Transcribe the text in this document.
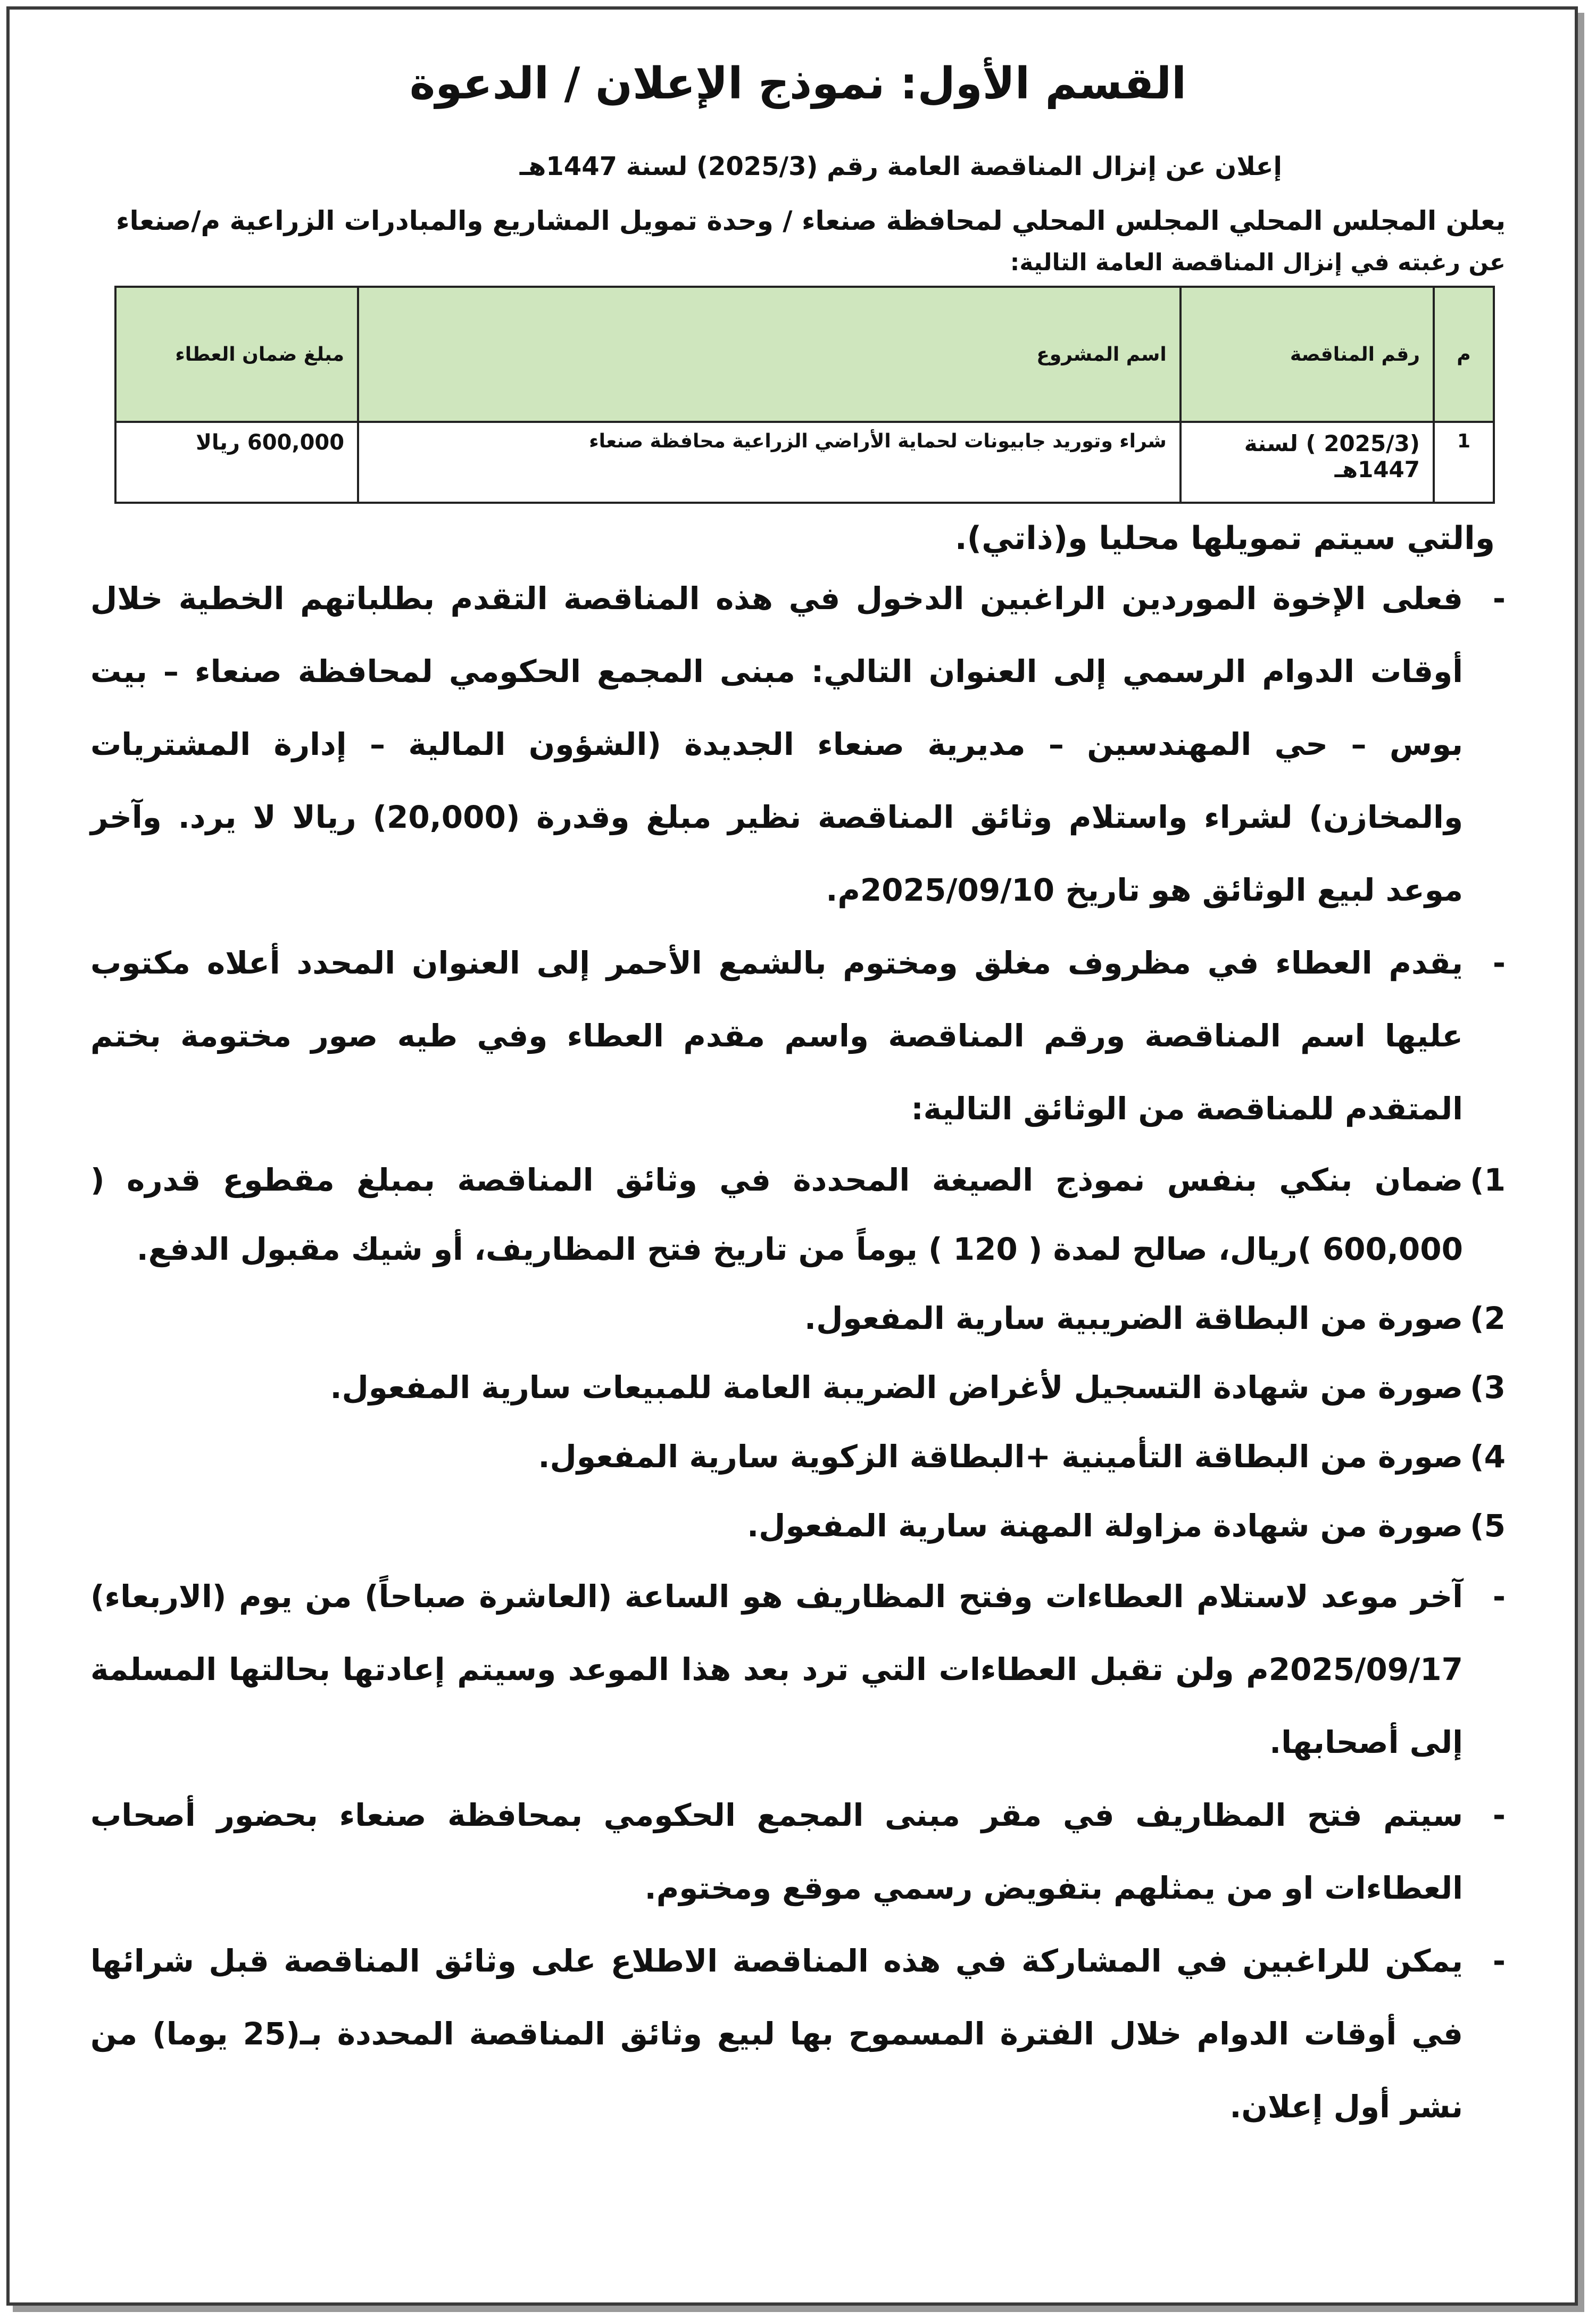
القسم الأول: نموذج الإعلان / الدعوة
إعلان عن إنزال المناقصة العامة رقم (2025/3) لسنة 1447هـ
يعلن المجلس المحلي المجلس المحلي لمحافظة صنعاء / وحدة تمويل المشاريع والمبادرات الزراعية م/صنعاء
عن رغبته في إنزال المناقصة العامة التالية:
م	رقم المناقصة	اسم المشروع	مبلغ ضمان العطاء
1	(2025/3 ) لسنة 1447هـ	شراء وتوريد جابيونات لحماية الأراضي الزراعية محافظة صنعاء	600,000 ريالا
والتي سيتم تمويلها محليا و(ذاتي).
-
فعلى الإخوة الموردين الراغبين الدخول في هذه المناقصة التقدم بطلباتهم الخطية خلال أوقات الدوام الرسمي إلى العنوان التالي: مبنى المجمع الحكومي لمحافظة صنعاء – بيت بوس – حي المهندسين – مديرية صنعاء الجديدة (الشؤون المالية – إدارة المشتريات والمخازن) لشراء واستلام وثائق المناقصة نظير مبلغ وقدرة (20,000) ريالا لا يرد. وآخر موعد لبيع الوثائق هو تاريخ 2025/09/10م.
-
يقدم العطاء في مظروف مغلق ومختوم بالشمع الأحمر إلى العنوان المحدد أعلاه مكتوب عليها اسم المناقصة ورقم المناقصة واسم مقدم العطاء وفي طيه صور مختومة بختم المتقدم للمناقصة من الوثائق التالية:
1)
ضمان بنكي بنفس نموذج الصيغة المحددة في وثائق المناقصة بمبلغ مقطوع قدره ( 600,000 )ريال، صالح لمدة ( 120 ) يوماً من تاريخ فتح المظاريف، أو شيك مقبول الدفع.
2)
صورة من البطاقة الضريبية سارية المفعول.
3)
صورة من شهادة التسجيل لأغراض الضريبة العامة للمبيعات سارية المفعول.
4)
صورة من البطاقة التأمينية +البطاقة الزكوية سارية المفعول.
5)
صورة من شهادة مزاولة المهنة سارية المفعول.
-
آخر موعد لاستلام العطاءات وفتح المظاريف هو الساعة (العاشرة صباحاً) من يوم (الاربعاء) 2025/09/17م ولن تقبل العطاءات التي ترد بعد هذا الموعد وسيتم إعادتها بحالتها المسلمة إلى أصحابها.
-
سيتم فتح المظاريف في مقر مبنى المجمع الحكومي بمحافظة صنعاء بحضور أصحاب العطاءات او من يمثلهم بتفويض رسمي موقع ومختوم.
-
يمكن للراغبين في المشاركة في هذه المناقصة الاطلاع على وثائق المناقصة قبل شرائها في أوقات الدوام خلال الفترة المسموح بها لبيع وثائق المناقصة المحددة بـ(25 يوما) من نشر أول إعلان.
